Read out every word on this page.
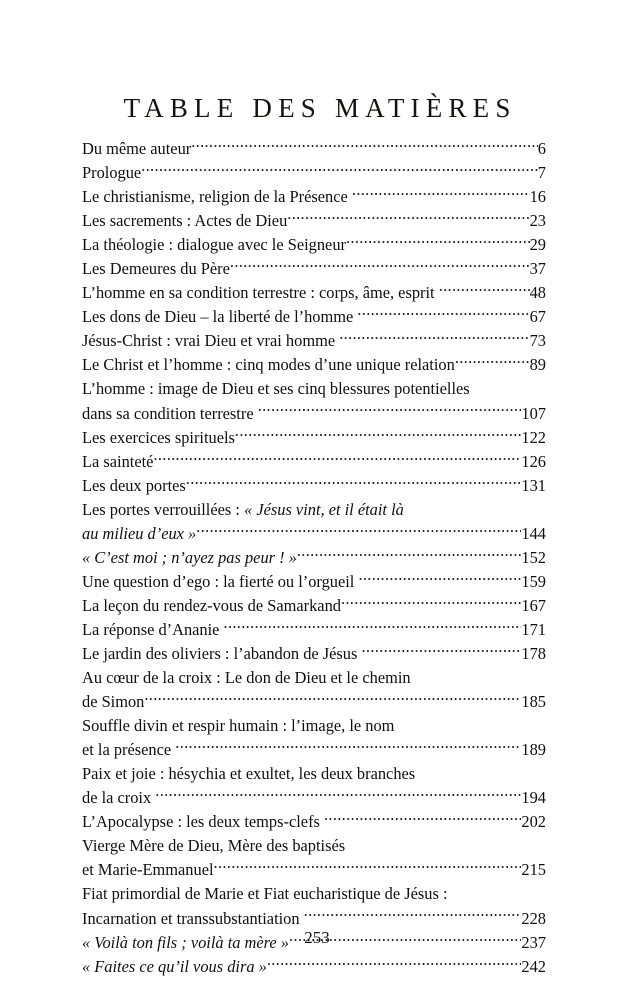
TABLE DES MATIÈRES
Du même auteur .....	6
Prologue .....	7
Le christianisme, religion de la Présence .....	16
Les sacrements : Actes de Dieu .....	23
La théologie : dialogue avec le Seigneur .....	29
Les Demeures du Père .....	37
L’homme en sa condition terrestre : corps, âme, esprit .....	48
Les dons de Dieu – la liberté de l’homme .....	67
Jésus-Christ : vrai Dieu et vrai homme .....	73
Le Christ et l’homme : cinq modes d’une unique relation .....	89
L’homme : image de Dieu et ses cinq blessures potentielles
dans sa condition terrestre .....	107
Les exercices spirituels .....	122
La sainteté .....	126
Les deux portes .....	131
Les portes verrouillées : « Jésus vint, et il était là
au milieu d’eux » .....	144
« C’est moi ; n’ayez pas peur ! » .....	152
Une question d’ego : la fierté ou l’orgueil .....	159
La leçon du rendez-vous de Samarkand .....	167
La réponse d’Ananie .....	171
Le jardin des oliviers : l’abandon de Jésus .....	178
Au cœur de la croix : Le don de Dieu et le chemin
de Simon .....	185
Souffle divin et respir humain : l’image, le nom
et la présence .....	189
Paix et joie : hésychia et exultet, les deux branches
de la croix .....	194
L’Apocalypse : les deux temps-clefs .....	202
Vierge Mère de Dieu, Mère des baptisés
et Marie-Emmanuel .....	215
Fiat primordial de Marie et Fiat eucharistique de Jésus :
Incarnation et transsubstantiation .....	228
« Voilà ton fils ; voilà ta mère » .....	237
« Faites ce qu’il vous dira » .....	242
253
